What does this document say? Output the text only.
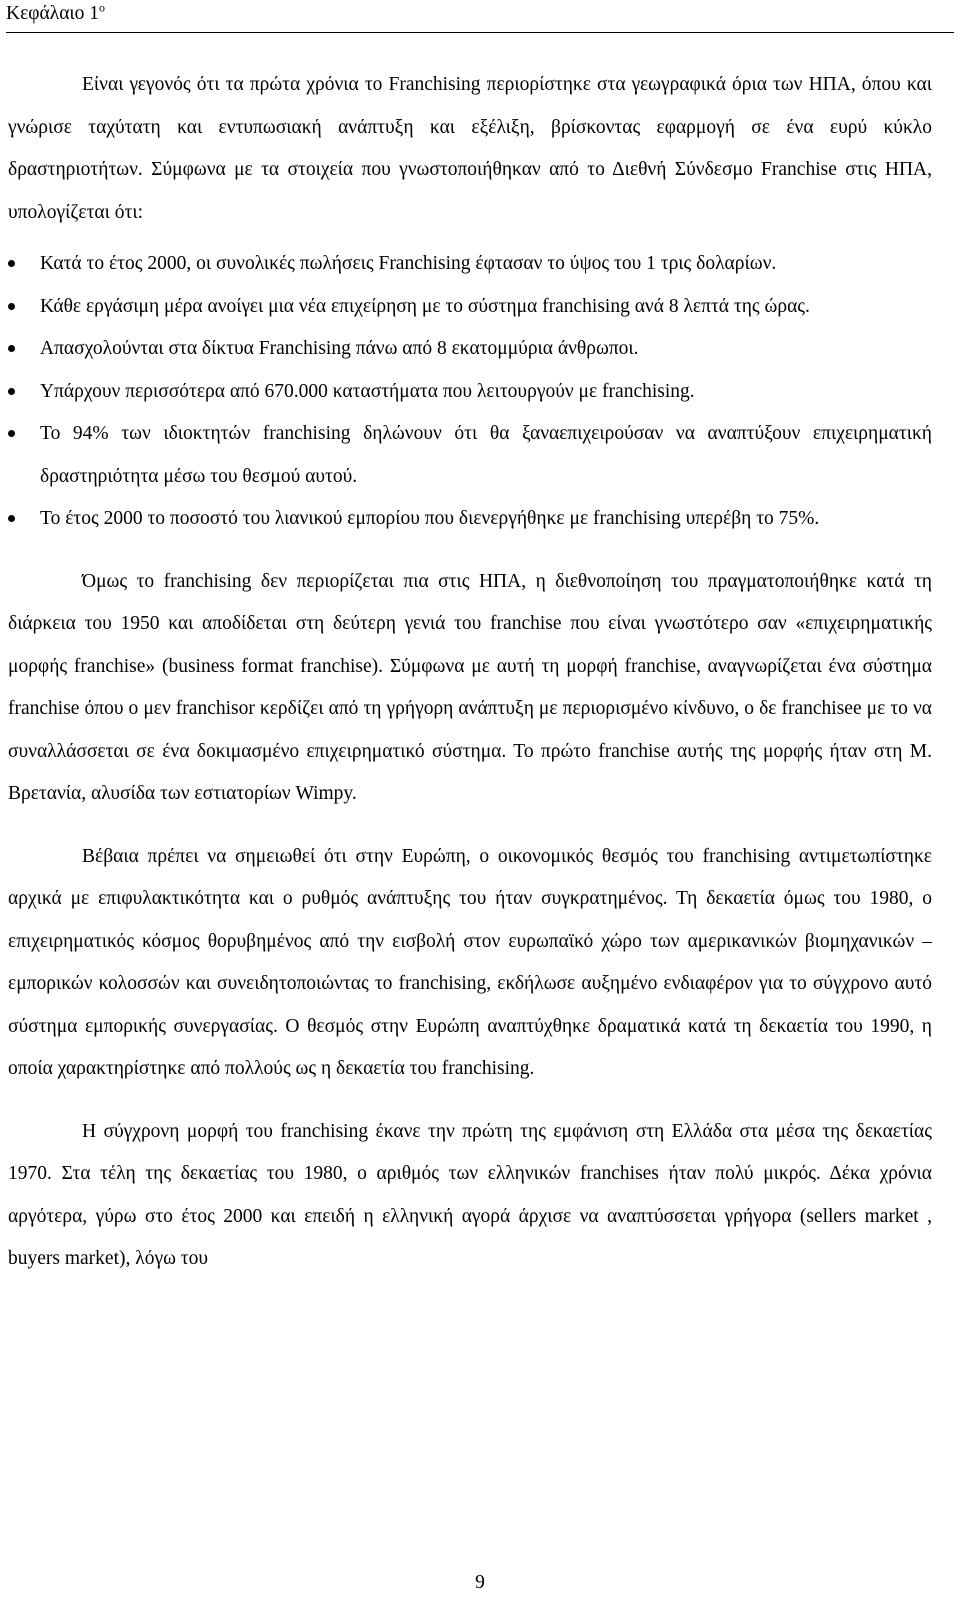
Κεφάλαιο $1^o$

Είναι γεγονός ότι τα πρώτα χρόνια το Franchising περιορίστηκε στα γεωγραφικά όρια των ΗΠΑ, όπου και γνώρισε ταχύτατη και εντυπωσιακή ανάπτυξη και εξέλιξη, βρίσκοντας εφαρμογή σε ένα ευρύ κύκλο δραστηριοτήτων. Σύμφωνα με τα στοιχεία που γνωστοποιήθηκαν από το Διεθνή Σύνδεσμο Franchise στις ΗΠΑ, υπολογίζεται ότι:

Κατά το έτος 2000, οι συνολικές πωλήσεις Franchising έφτασαν το ύψος του 1 τρις δολαρίων.
Κάθε εργάσιμη μέρα ανοίγει μια νέα επιχείρηση με το σύστημα franchising ανά 8 λεπτά της ώρας.
Απασχολούνται στα δίκτυα Franchising πάνω από 8 εκατομμύρια άνθρωποι.
Υπάρχουν περισσότερα από 670.000 καταστήματα που λειτουργούν με franchising.
Το 94% των ιδιοκτητών franchising δηλώνουν ότι θα ξαναεπιχειρούσαν να αναπτύξουν επιχειρηματική δραστηριότητα μέσω του θεσμού αυτού.
Το έτος 2000 το ποσοστό του λιανικού εμπορίου που διενεργήθηκε με franchising υπερέβη το 75%.

Όμως το franchising δεν περιορίζεται πια στις ΗΠΑ, η διεθνοποίηση του πραγματοποιήθηκε κατά τη διάρκεια του 1950 και αποδίδεται στη δεύτερη γενιά του franchise που είναι γνωστότερο σαν «επιχειρηματικής μορφής franchise» (business format franchise). Σύμφωνα με αυτή τη μορφή franchise, αναγνωρίζεται ένα σύστημα franchise όπου ο μεν franchisor κερδίζει από τη γρήγορη ανάπτυξη με περιορισμένο κίνδυνο, ο δε franchisee με το να συναλλάσσεται σε ένα δοκιμασμένο επιχειρηματικό σύστημα. Το πρώτο franchise αυτής της μορφής ήταν στη Μ. Βρετανία, αλυσίδα των εστιατορίων Wimpy.

Βέβαια πρέπει να σημειωθεί ότι στην Ευρώπη, ο οικονομικός θεσμός του franchising αντιμετωπίστηκε αρχικά με επιφυλακτικότητα και ο ρυθμός ανάπτυξης του ήταν συγκρατημένος. Τη δεκαετία όμως του 1980, ο επιχειρηματικός κόσμος θορυβημένος από την εισβολή στον ευρωπαϊκό χώρο των αμερικανικών βιομηχανικών – εμπορικών κολοσσών και συνειδητοποιώντας το franchising, εκδήλωσε αυξημένο ενδιαφέρον για το σύγχρονο αυτό σύστημα εμπορικής συνεργασίας. Ο θεσμός στην Ευρώπη αναπτύχθηκε δραματικά κατά τη δεκαετία του 1990, η οποία χαρακτηρίστηκε από πολλούς ως η δεκαετία του franchising.

Η σύγχρονη μορφή του franchising έκανε την πρώτη της εμφάνιση στη Ελλάδα στα μέσα της δεκαετίας 1970. Στα τέλη της δεκαετίας του 1980, ο αριθμός των ελληνικών franchises ήταν πολύ μικρός. Δέκα χρόνια αργότερα, γύρω στο έτος 2000 και επειδή η ελληνική αγορά άρχισε να αναπτύσσεται γρήγορα (sellers market , buyers market), λόγω του

9
